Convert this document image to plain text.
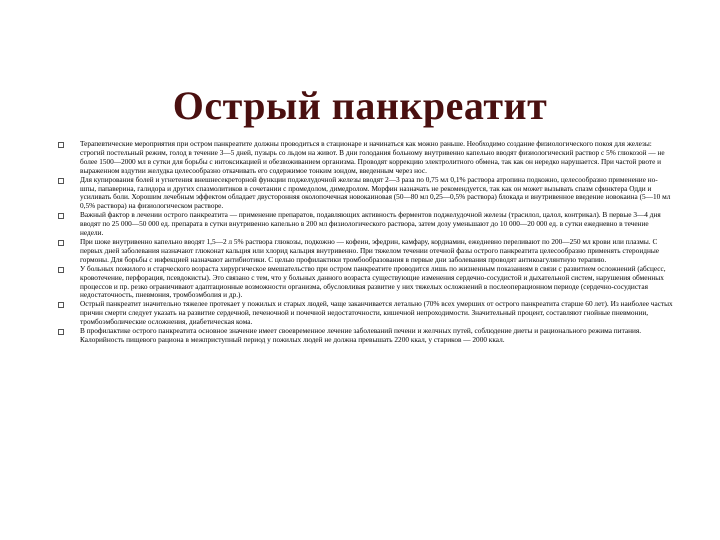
Острый панкреатит
Терапевтические мероприятия при остром панкреатите должны проводиться в стационаре и начинаться как можно раньше. Необходимо создание физиологического покоя для железы: строгий постельный режим, голод в течение 3—5 дней, пузырь со льдом на живот. В дни голодания больному внутривенно капельно вводят физиологический раствор с 5% глюкозой — не более 1500—2000 мл в сутки для борьбы с интоксикацией и обезвоживанием организма. Проводят коррекцию электролитного обмена, так как он нередко нарушается. При частой рвоте и выраженном вздутии желудка целесообразно откачивать его содержимое тонким зондом, введенным через нос.
Для купирования болей и угнетения внешнесекреторной функции поджелудочной железы вводят 2—3 раза по 0,75 мл 0,1% раствора атропина подкожно, целесообразно применение но-шпы, папаверина, галидора и других спазмолитиков в сочетании с промедолом, димедролом. Морфин назначать не рекомендуется, так как он может вызывать спазм сфинктера Одди и усиливать боли. Хорошим лечебным эффектом обладает двусторонняя околопочечная новокаиновая (50—80 мл 0,25—0,5% раствора) блокада и внутривенное введение новокаина (5—10 мл 0,5% раствора) на физиологическом растворе.
Важный фактор в лечении острого панкреатита — применение препаратов, подавляющих активность ферментов поджелудочной железы (трасилол, цалол, контрикал). В первые 3—4 дня вводят по 25 000—50 000 ед. препарата в сутки внутривенно капельно в 200 мл физиологического раствора, затем дозу уменьшают до 10 000—20 000 ед. в сутки ежедневно в течение недели.
При шоке внутривенно капельно вводят 1,5—2 л 5% раствора глюкозы, подкожно — кофеин, эфедрин, камфару, кордиамин, ежедневно переливают по 200—250 мл крови или плазмы. С первых дней заболевания назначают глюконат кальция или хлорид кальция внутривенно. При тяжелом течении отечной фазы острого панкреатита целесообразно применять стероидные гормоны. Для борьбы с инфекцией назначают антибиотики. С целью профилактики тромбообразования в первые дни заболевания проводят антикоагулянтную терапию.
У больных пожилого и старческого возраста хирургическое вмешательство при остром панкреатите проводится лишь по жизненным показаниям в связи с развитием осложнений (абсцесс, кровотечение, перфорация, псевдокисты). Это связано с тем, что у больных данного возраста существующие изменения сердечно-сосудистой и дыхательной систем, нарушения обменных процессов и пр. резко ограничивают адаптационные возможности организма, обусловливая развитие у них тяжелых осложнений в послеоперационном периоде (сердечно-сосудистая недостаточность, пневмония, тромбоэмболия и др.).
Острый панкреатит значительно тяжелее протекает у пожилых и старых людей, чаще заканчивается летально (70% всех умерших от острого панкреатита старше 60 лет). Из наиболее частых причин смерти следует указать на развитие сердечной, печеночной и почечной недостаточности, кишечной непроходимости. Значительный процент, составляют гнойные пневмонии, тромбоэмболические осложнения, диабетическая кома.
В профилактике острого панкреатита основное значение имеет своевременное лечение заболеваний печени и желчных путей, соблюдение диеты и рационального режима питания. Калорийность пищевого рациона в межприступный период у пожилых людей не должна превышать 2200 ккал, у стариков — 2000 ккал.
